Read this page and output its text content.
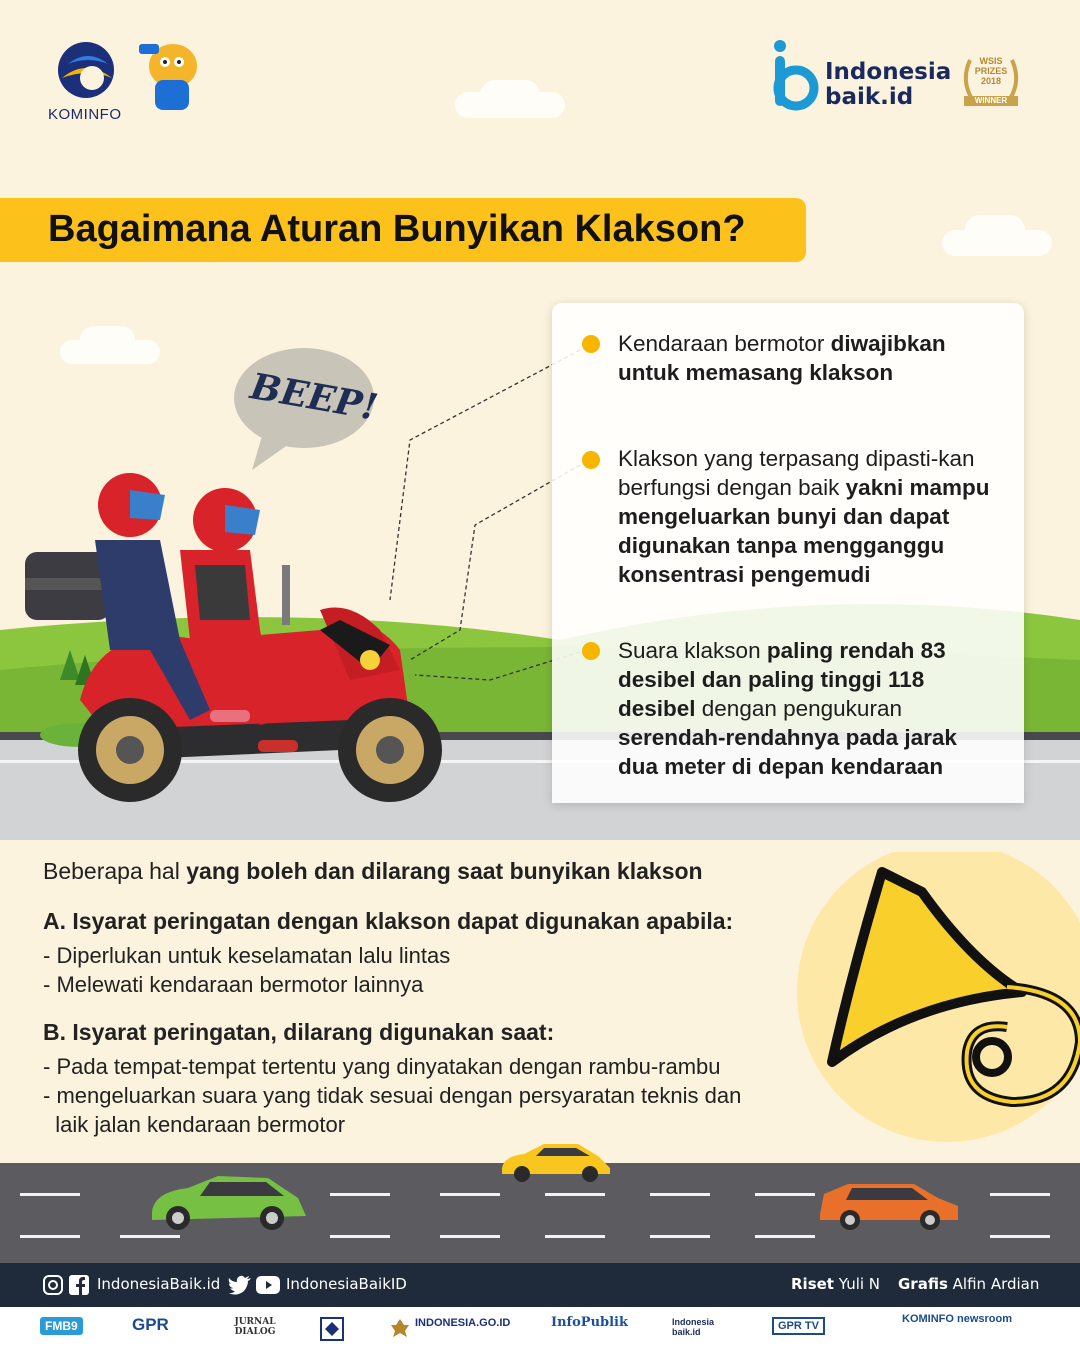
KOMINFO
Indonesia
baik.id
WSIS
PRIZES
2018
WINNER
Bagaimana Aturan Bunyikan Klakson?
BEEP!
Kendaraan bermotor diwajibkan untuk memasang klakson
Klakson yang terpasang dipasti-kan berfungsi dengan baik yakni mampu mengeluarkan bunyi dan dapat digunakan tanpa mengganggu konsentrasi pengemudi
Suara klakson paling rendah 83 desibel dan paling tinggi 118 desibel dengan pengukuran serendah-rendahnya pada jarak dua meter di depan kendaraan
Beberapa hal yang boleh dan dilarang saat bunyikan klakson
A. Isyarat peringatan dengan klakson dapat digunakan apabila:
- Diperlukan untuk keselamatan lalu lintas
- Melewati kendaraan bermotor lainnya
B. Isyarat peringatan, dilarang digunakan saat:
- Pada tempat-tempat tertentu yang dinyatakan dengan rambu-rambu
- mengeluarkan suara yang tidak sesuai dengan persyaratan teknis dan
laik jalan kendaraan bermotor
IndonesiaBaik.id	IndonesiaBaikID	Riset Yuli N Grafis Alfin Ardian
FMB9	GPR	JURNAL DIALOG
INDONESIA.GO.ID	InfoPublik	Indonesia baik.id	GPR TV
KOMINFO newsroom
